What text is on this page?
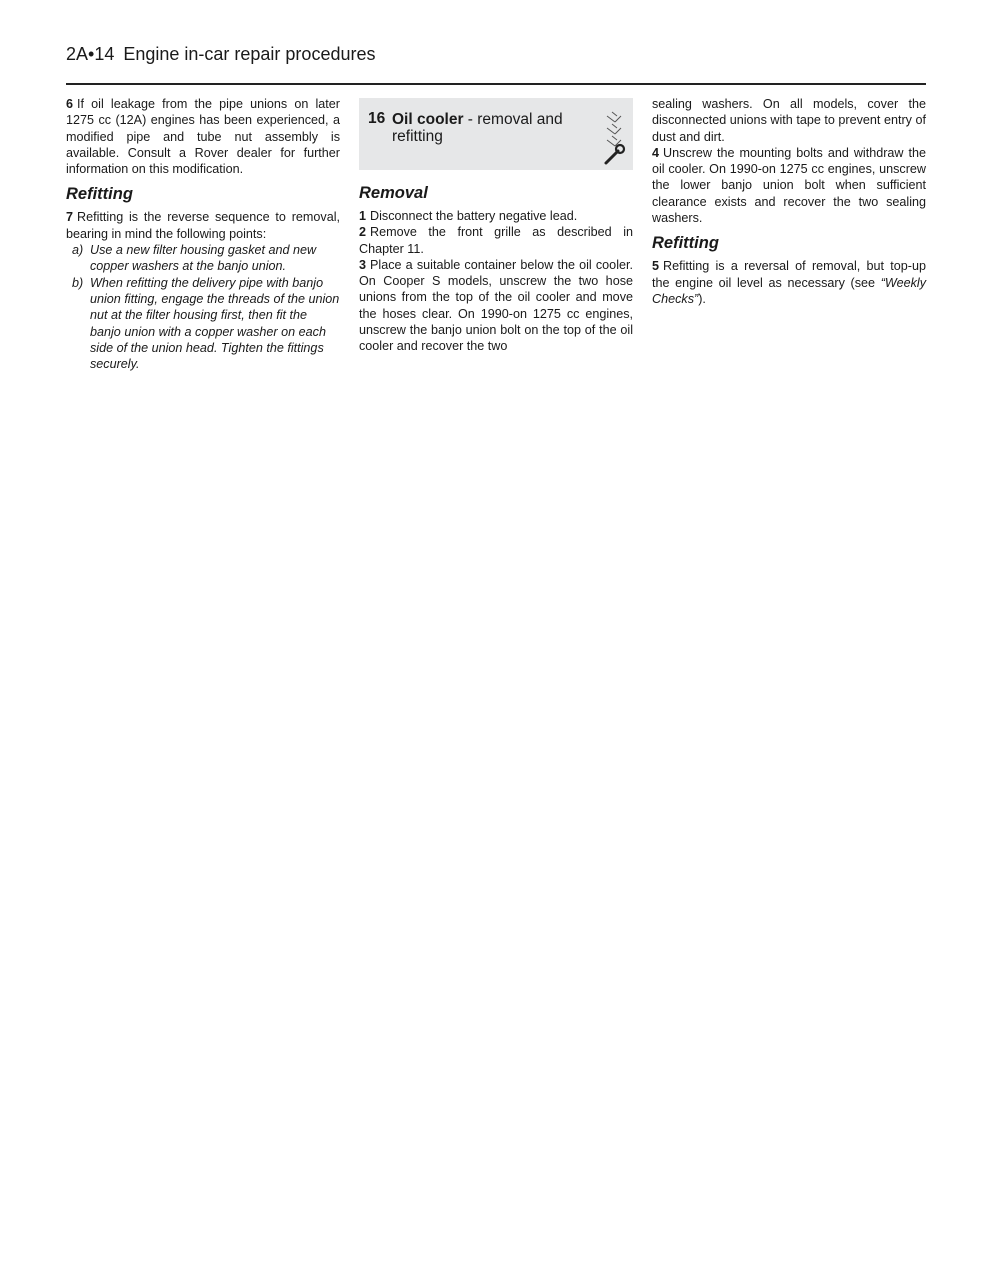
2A•14 Engine in-car repair procedures

6 If oil leakage from the pipe unions on later 1275 cc (12A) engines has been experienced, a modified pipe and tube nut assembly is available. Consult a Rover dealer for further information on this modification.

Refitting

7 Refitting is the reverse sequence to removal, bearing in mind the following points:

a) Use a new filter housing gasket and new copper washers at the banjo union.
b) When refitting the delivery pipe with banjo union fitting, engage the threads of the union nut at the filter housing first, then fit the banjo union with a copper washer on each side of the union head. Tighten the fittings securely.
16 Oil cooler - removal and refitting
Removal

1 Disconnect the battery negative lead.

2 Remove the front grille as described in Chapter 11.

3 Place a suitable container below the oil cooler. On Cooper S models, unscrew the two hose unions from the top of the oil cooler and move the hoses clear. On 1990-on 1275 cc engines, unscrew the banjo union bolt on the top of the oil cooler and recover the two

sealing washers. On all models, cover the disconnected unions with tape to prevent entry of dust and dirt.

4 Unscrew the mounting bolts and withdraw the oil cooler. On 1990-on 1275 cc engines, unscrew the lower banjo union bolt when sufficient clearance exists and recover the two sealing washers.

Refitting

5 Refitting is a reversal of removal, but top-up the engine oil level as necessary (see “Weekly Checks”).
